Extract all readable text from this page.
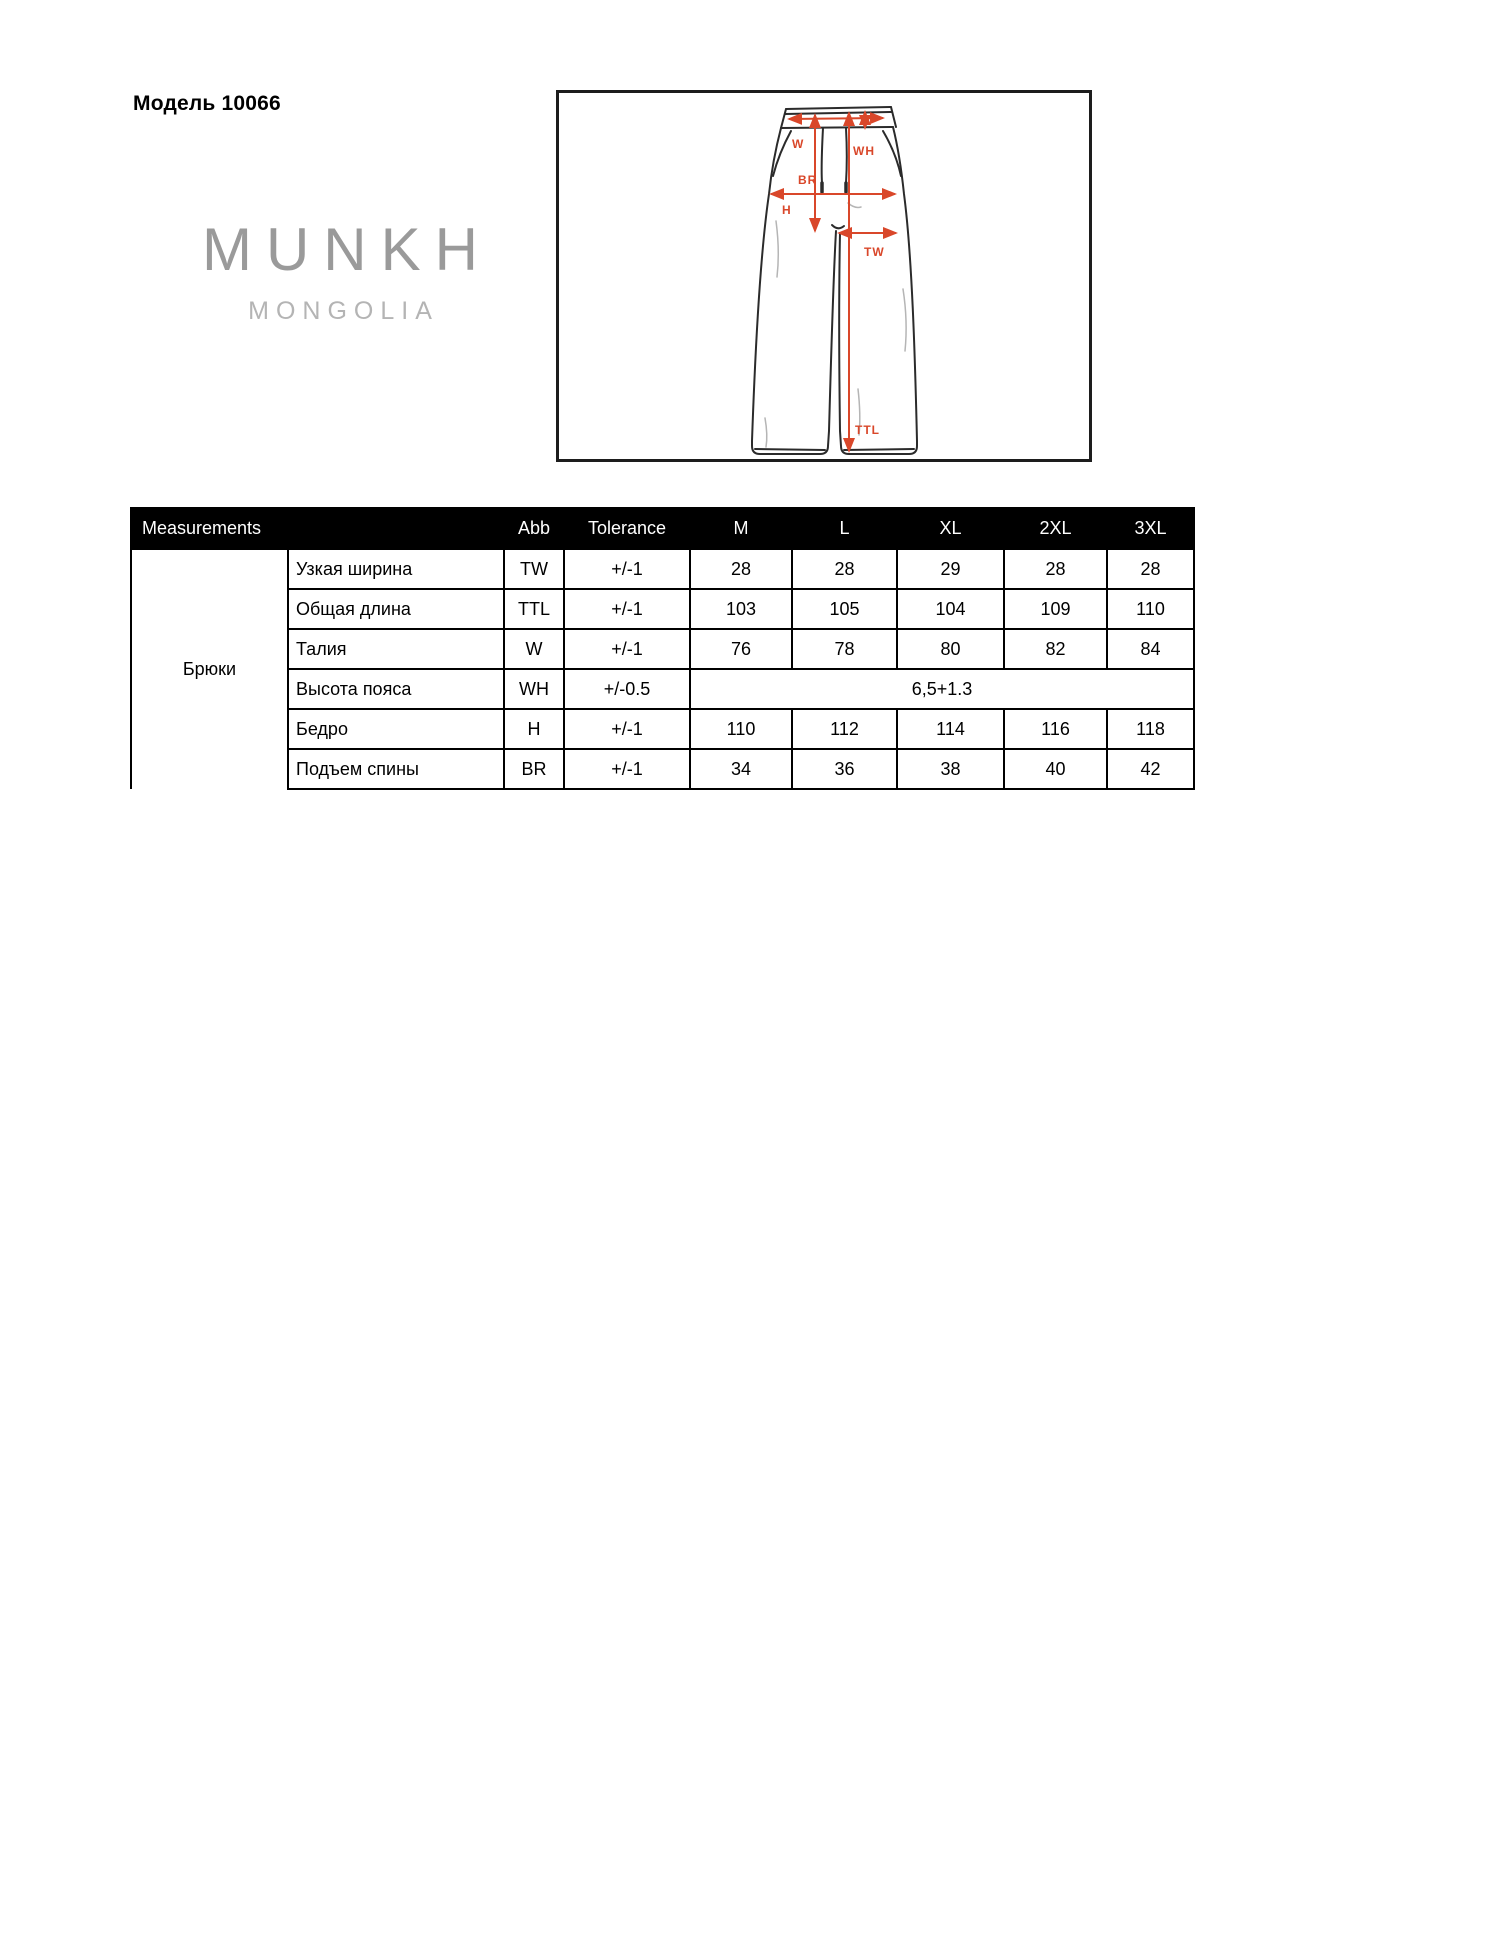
Модель 10066
MUNKH
MONGOLIA
W	WH
BR
H
TW
TTL
Measurements		Abb	Tolerance	M	L	XL	2XL	3XL
Брюки	Узкая ширина	TW	+/-1	28	28	29	28	28
	Общая длина	TTL	+/-1	103	105	104	109	110
	Талия	W	+/-1	76	78	80	82	84
	Высота пояса	WH	+/-0.5	6,5+1.3				
	Бедро	H	+/-1	110	112	114	116	118
	Подъем спины	BR	+/-1	34	36	38	40	42
